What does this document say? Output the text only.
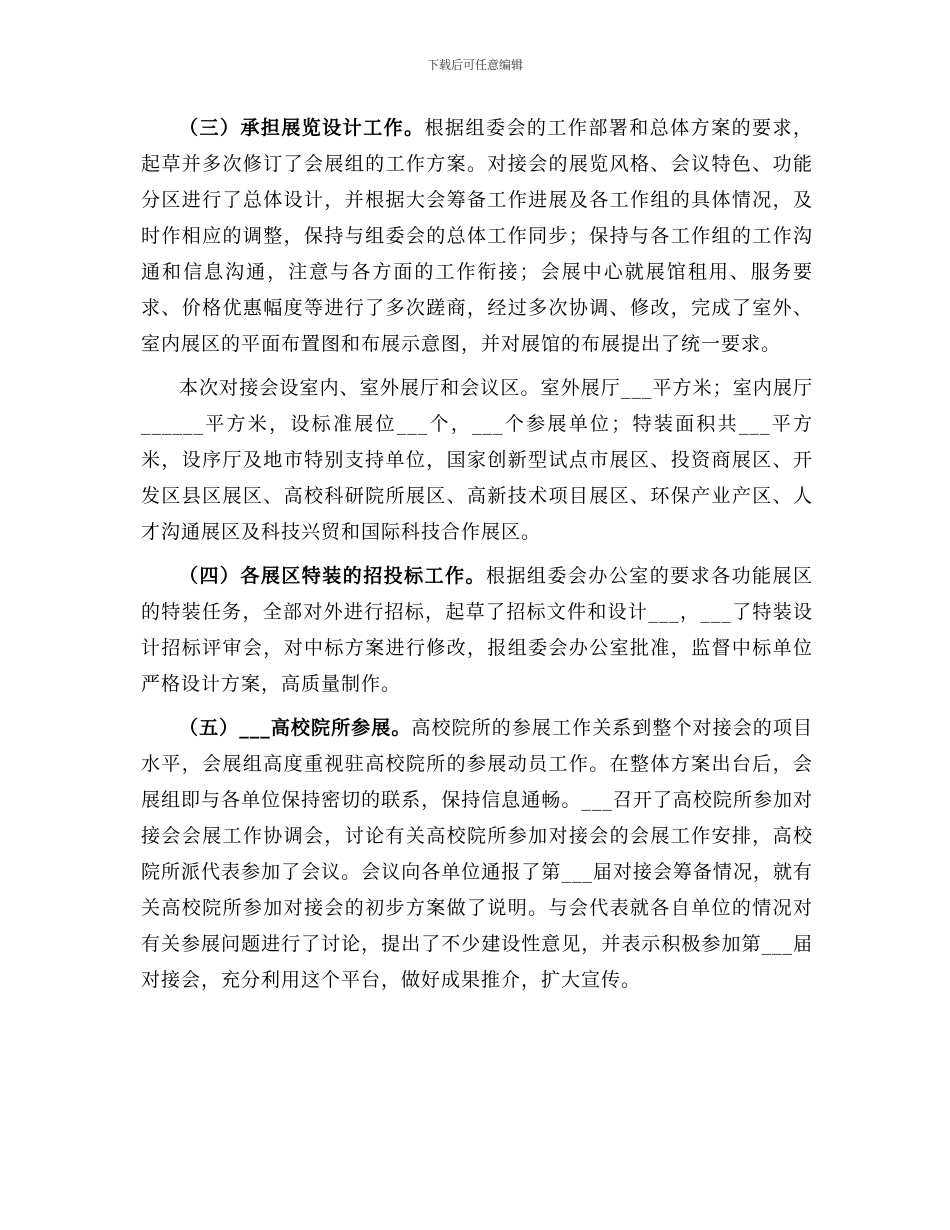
下载后可任意编辑

（三）承担展览设计工作。根据组委会的工作部署和总体方案的要求，起草并多次修订了会展组的工作方案。对接会的展览风格、会议特色、功能分区进行了总体设计，并根据大会筹备工作进展及各工作组的具体情况，及时作相应的调整，保持与组委会的总体工作同步；保持与各工作组的工作沟通和信息沟通，注意与各方面的工作衔接；会展中心就展馆租用、服务要求、价格优惠幅度等进行了多次蹉商，经过多次协调、修改，完成了室外、室内展区的平面布置图和布展示意图，并对展馆的布展提出了统一要求。

本次对接会设室内、室外展厅和会议区。室外展厅___平方米；室内展厅______平方米，设标准展位___个，___个参展单位；特装面积共___平方米，设序厅及地市特别支持单位，国家创新型试点市展区、投资商展区、开发区县区展区、高校科研院所展区、高新技术项目展区、环保产业产区、人才沟通展区及科技兴贸和国际科技合作展区。

（四）各展区特装的招投标工作。根据组委会办公室的要求各功能展区的特装任务，全部对外进行招标，起草了招标文件和设计___，___了特装设计招标评审会，对中标方案进行修改，报组委会办公室批准，监督中标单位严格设计方案，高质量制作。

（五）___高校院所参展。高校院所的参展工作关系到整个对接会的项目水平，会展组高度重视驻高校院所的参展动员工作。在整体方案出台后，会展组即与各单位保持密切的联系，保持信息通畅。___召开了高校院所参加对接会会展工作协调会，讨论有关高校院所参加对接会的会展工作安排，高校院所派代表参加了会议。会议向各单位通报了第___届对接会筹备情况，就有关高校院所参加对接会的初步方案做了说明。与会代表就各自单位的情况对有关参展问题进行了讨论，提出了不少建设性意见，并表示积极参加第___届对接会，充分利用这个平台，做好成果推介，扩大宣传。
